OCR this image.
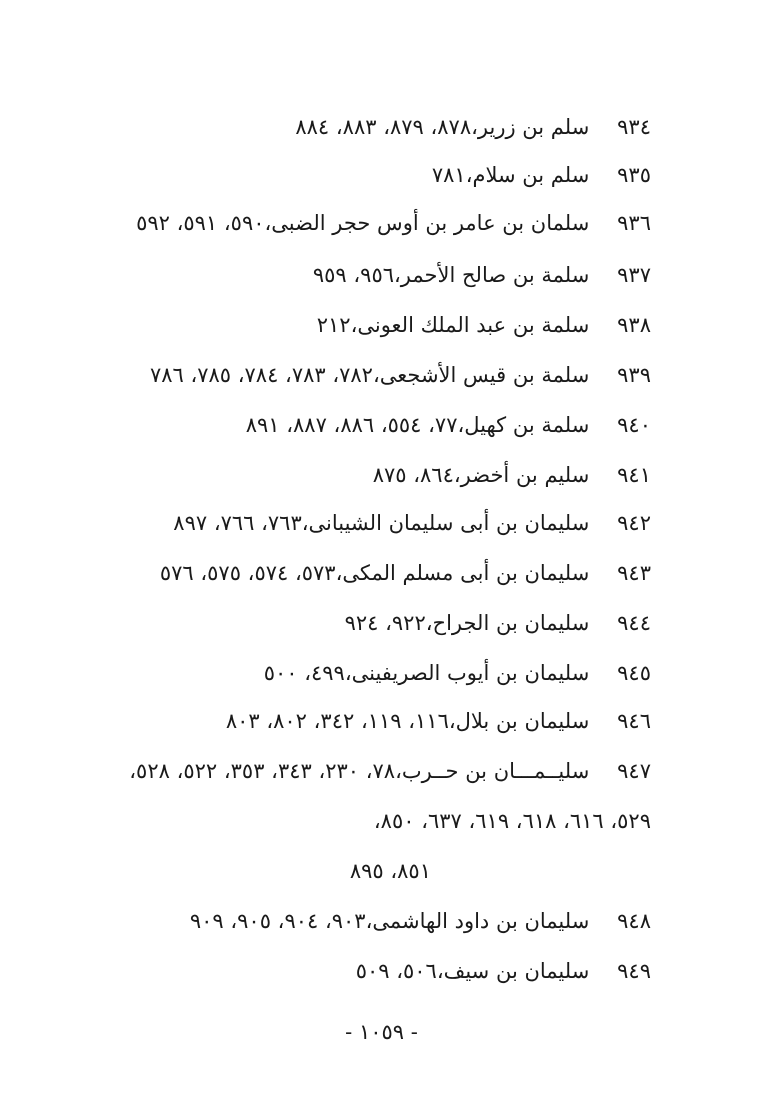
٩٣٤ سلم بن زرير،٨٧٨، ٨٧٩، ٨٨٣، ٨٨٤
٩٣٥ سلم بن سلام،٧٨١
٩٣٦ سلمان بن عامر بن أوس حجر الضبى،٥٩٠، ٥٩١، ٥٩٢
٩٣٧ سلمة بن صالح الأحمر،٩٥٦، ٩٥٩
٩٣٨ سلمة بن عبد الملك العونى،٢١٢
٩٣٩ سلمة بن قيس الأشجعى،٧٨٢، ٧٨٣، ٧٨٤، ٧٨٥، ٧٨٦
٩٤٠ سلمة بن كهيل،٧٧، ٥٥٤، ٨٨٦، ٨٨٧، ٨٩١
٩٤١ سليم بن أخضر،٨٦٤، ٨٧٥
٩٤٢ سليمان بن أبى سليمان الشيبانى،٧٦٣، ٧٦٦، ٨٩٧
٩٤٣ سليمان بن أبى مسلم المكى،٥٧٣، ٥٧٤، ٥٧٥، ٥٧٦
٩٤٤ سليمان بن الجراح،٩٢٢، ٩٢٤
٩٤٥ سليمان بن أيوب الصريفينى،٤٩٩، ٥٠٠
٩٤٦ سليمان بن بلال،١١٦، ١١٩، ٣٤٢، ٨٠٢، ٨٠٣
٩٤٧ سليــمـــان بن حــرب،٧٨، ٢٣٠، ٣٤٣، ٣٥٣، ٥٢٢، ٥٢٨،
٥٢٩، ٦١٦، ٦١٨، ٦١٩، ٦٣٧، ٨٥٠،
٨٥١، ٨٩٥
٩٤٨ سليمان بن داود الهاشمى،٩٠٣، ٩٠٤، ٩٠٥، ٩٠٩
٩٤٩ سليمان بن سيف،٥٠٦، ٥٠٩
- ١٠٥٩ -
